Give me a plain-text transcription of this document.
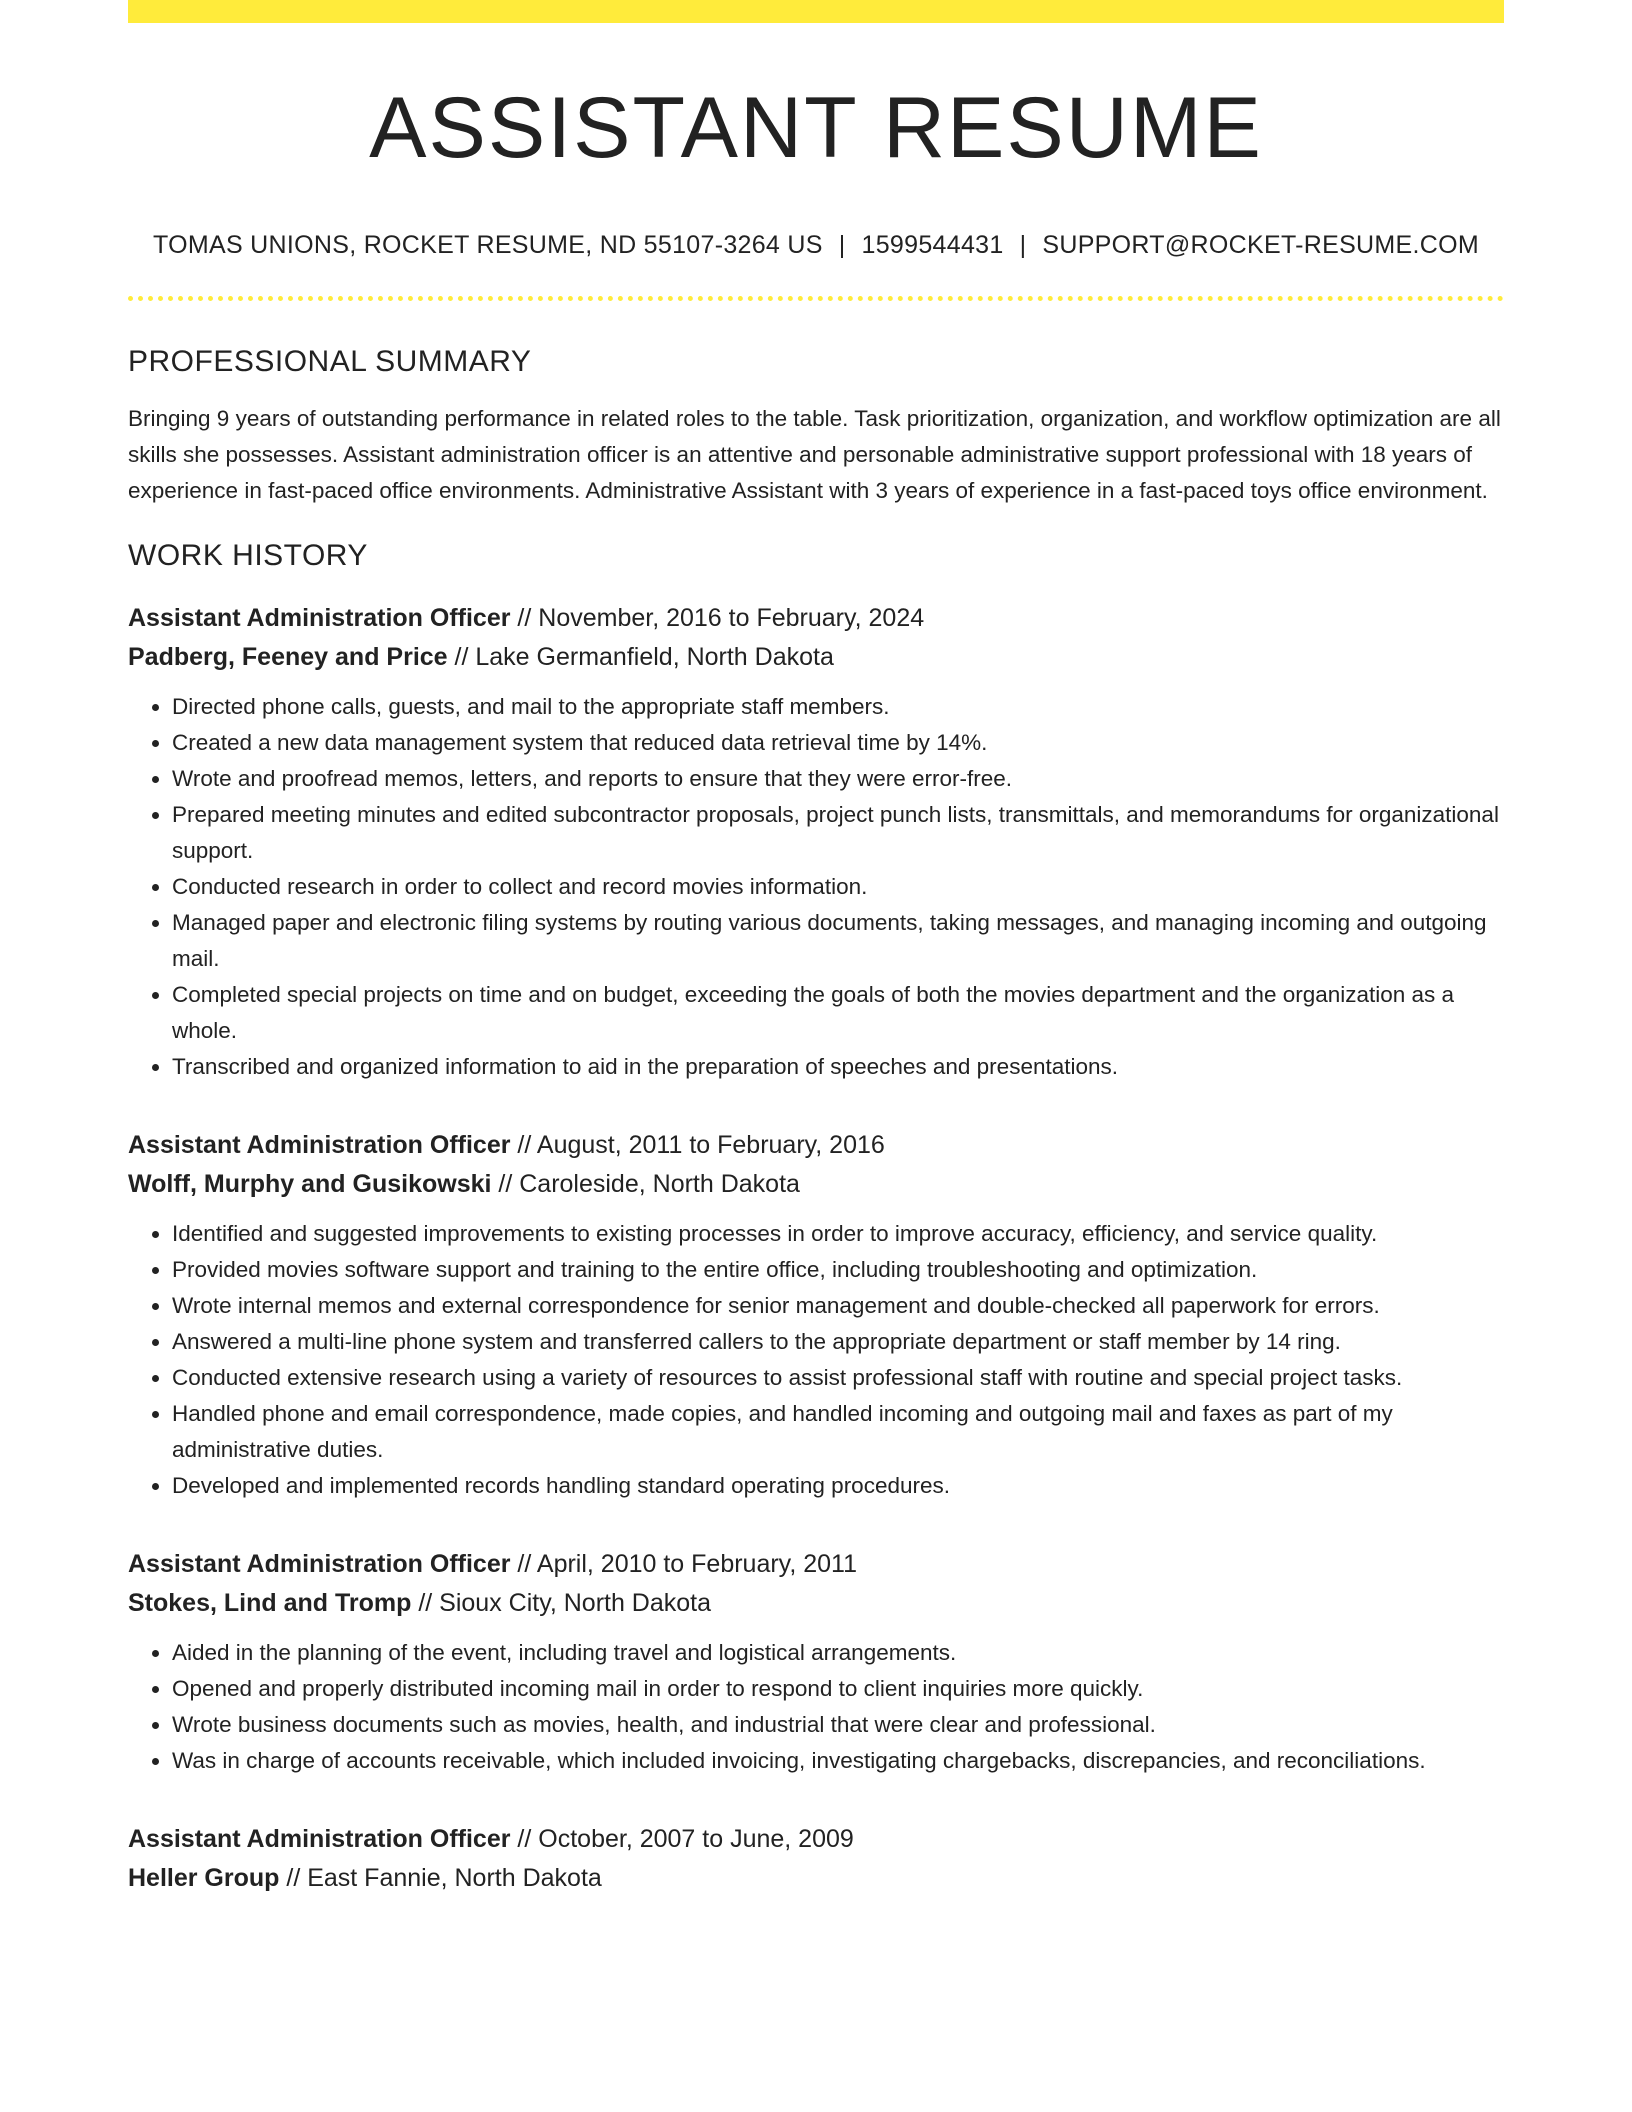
ASSISTANT RESUME
TOMAS UNIONS, ROCKET RESUME, ND 55107-3264 US | 1599544431 | SUPPORT@ROCKET-RESUME.COM
PROFESSIONAL SUMMARY

Bringing 9 years of outstanding performance in related roles to the table. Task prioritization, organization, and workflow optimization are all skills she possesses. Assistant administration officer is an attentive and personable administrative support professional with 18 years of experience in fast-paced office environments. Administrative Assistant with 3 years of experience in a fast-paced toys office environment.

WORK HISTORY
Assistant Administration Officer // November, 2016 to February, 2024
Padberg, Feeney and Price // Lake Germanfield, North Dakota
• Directed phone calls, guests, and mail to the appropriate staff members.
• Created a new data management system that reduced data retrieval time by 14%.
• Wrote and proofread memos, letters, and reports to ensure that they were error-free.
• Prepared meeting minutes and edited subcontractor proposals, project punch lists, transmittals, and memorandums for organizational support.
• Conducted research in order to collect and record movies information.
• Managed paper and electronic filing systems by routing various documents, taking messages, and managing incoming and outgoing mail.
• Completed special projects on time and on budget, exceeding the goals of both the movies department and the organization as a whole.
• Transcribed and organized information to aid in the preparation of speeches and presentations.
Assistant Administration Officer // August, 2011 to February, 2016
Wolff, Murphy and Gusikowski // Caroleside, North Dakota
• Identified and suggested improvements to existing processes in order to improve accuracy, efficiency, and service quality.
• Provided movies software support and training to the entire office, including troubleshooting and optimization.
• Wrote internal memos and external correspondence for senior management and double-checked all paperwork for errors.
• Answered a multi-line phone system and transferred callers to the appropriate department or staff member by 14 ring.
• Conducted extensive research using a variety of resources to assist professional staff with routine and special project tasks.
• Handled phone and email correspondence, made copies, and handled incoming and outgoing mail and faxes as part of my administrative duties.
• Developed and implemented records handling standard operating procedures.
Assistant Administration Officer // April, 2010 to February, 2011
Stokes, Lind and Tromp // Sioux City, North Dakota
• Aided in the planning of the event, including travel and logistical arrangements.
• Opened and properly distributed incoming mail in order to respond to client inquiries more quickly.
• Wrote business documents such as movies, health, and industrial that were clear and professional.
• Was in charge of accounts receivable, which included invoicing, investigating chargebacks, discrepancies, and reconciliations.
Assistant Administration Officer // October, 2007 to June, 2009
Heller Group // East Fannie, North Dakota
